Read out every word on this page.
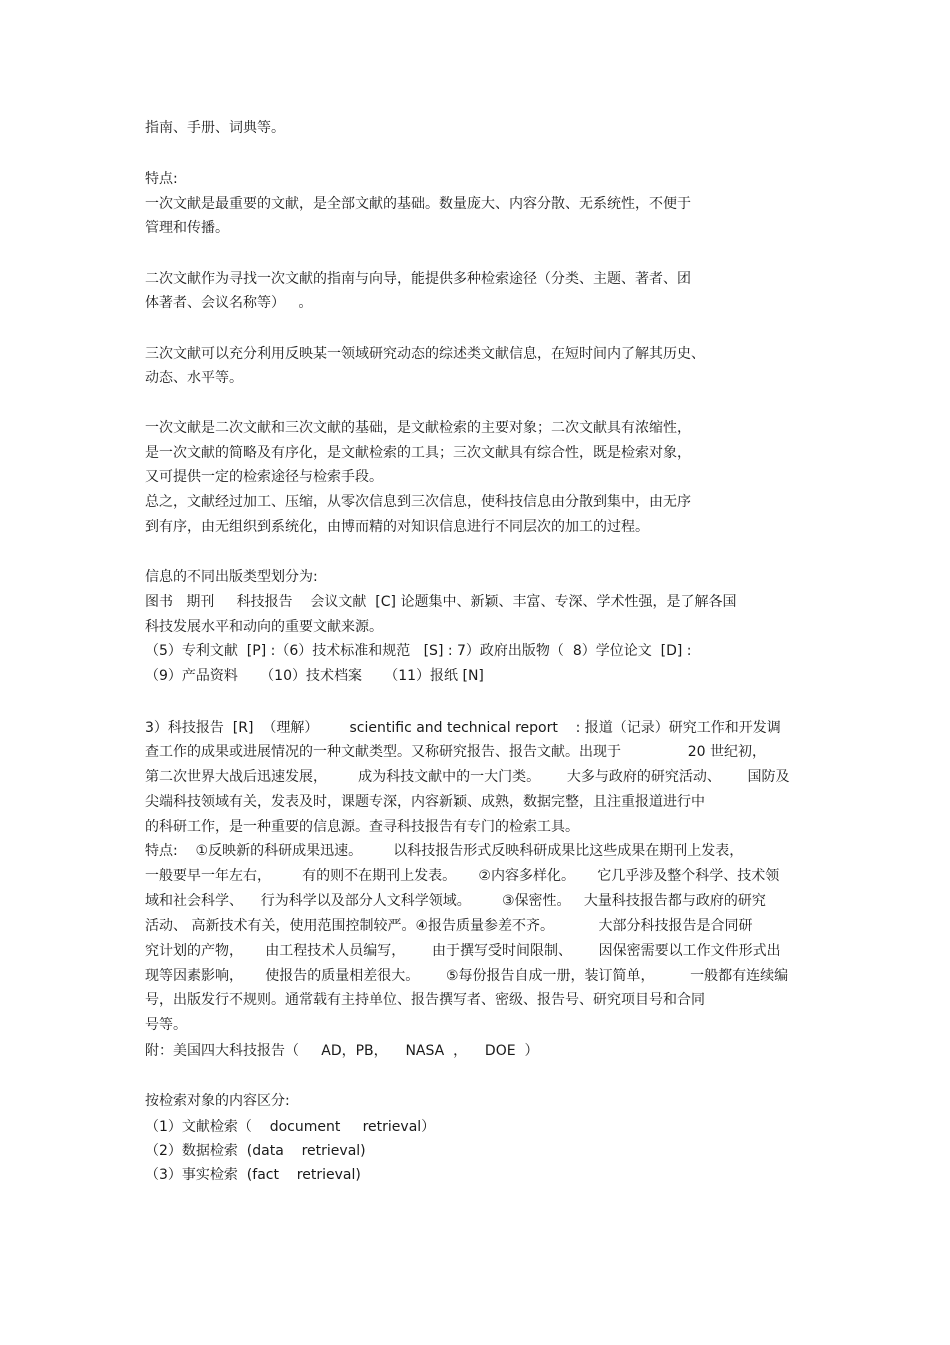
指南、手册、词典等。
特点:
一次文献是最重要的文献，是全部文献的基础。数量庞大、内容分散、无系统性，不便于
管理和传播。
二次文献作为寻找一次文献的指南与向导，能提供多种检索途径（分类、主题、著者、团
体著者、会议名称等）   。
三次文献可以充分利用反映某一领域研究动态的综述类文献信息，在短时间内了解其历史、
动态、水平等。
一次文献是二次文献和三次文献的基础，是文献检索的主要对象；二次文献具有浓缩性，
是一次文献的简略及有序化，是文献检索的工具；三次文献具有综合性，既是检索对象，
又可提供一定的检索途径与检索手段。
总之，文献经过加工、压缩，从零次信息到三次信息，使科技信息由分散到集中，由无序
到有序，由无组织到系统化，由博而精的对知识信息进行不同层次的加工的过程。
信息的不同出版类型划分为:
图书   期刊     科技报告    会议文献  [C] 论题集中、新颖、丰富、专深、学术性强，是了解各国
科技发展水平和动向的重要文献来源。
（5）专利文献  [P] :（6）技术标准和规范   [S] : 7）政府出版物（  8）学位论文  [D] :
（9）产品资料     （10）技术档案     （11）报纸 [N]
3）科技报告  [R]  （理解）       scientific and technical report    : 报道（记录）研究工作和开发调
查工作的成果或进展情况的一种文献类型。又称研究报告、报告文献。出现于               20 世纪初，
第二次世界大战后迅速发展，       成为科技文献中的一大门类。      大多与政府的研究活动、      国防及
尖端科技领域有关，发表及时，课题专深，内容新颖、成熟，数据完整，且注重报道进行中
的科研工作，是一种重要的信息源。查寻科技报告有专门的检索工具。
特点:    ①反映新的科研成果迅速。       以科技报告形式反映科研成果比这些成果在期刊上发表，
一般要早一年左右，       有的则不在期刊上发表。     ②内容多样化。     它几乎涉及整个科学、技术领
域和社会科学、    行为科学以及部分人文科学领域。       ③保密性。   大量科技报告都与政府的研究
活动、 高新技术有关，使用范围控制较严。④报告质量参差不齐。          大部分科技报告是合同研
究计划的产物，     由工程技术人员编写，      由于撰写受时间限制、      因保密需要以工作文件形式出
现等因素影响，     使报告的质量相差很大。      ⑤每份报告自成一册，装订简单，        一般都有连续编
号，出版发行不规则。通常载有主持单位、报告撰写者、密级、报告号、研究项目号和合同
号等。
附：美国四大科技报告（     AD，PB，    NASA  ，    DOE  ）
按检索对象的内容区分:
（1）文献检索（    document     retrieval）
（2）数据检索  (data    retrieval)
（3）事实检索  (fact    retrieval)
